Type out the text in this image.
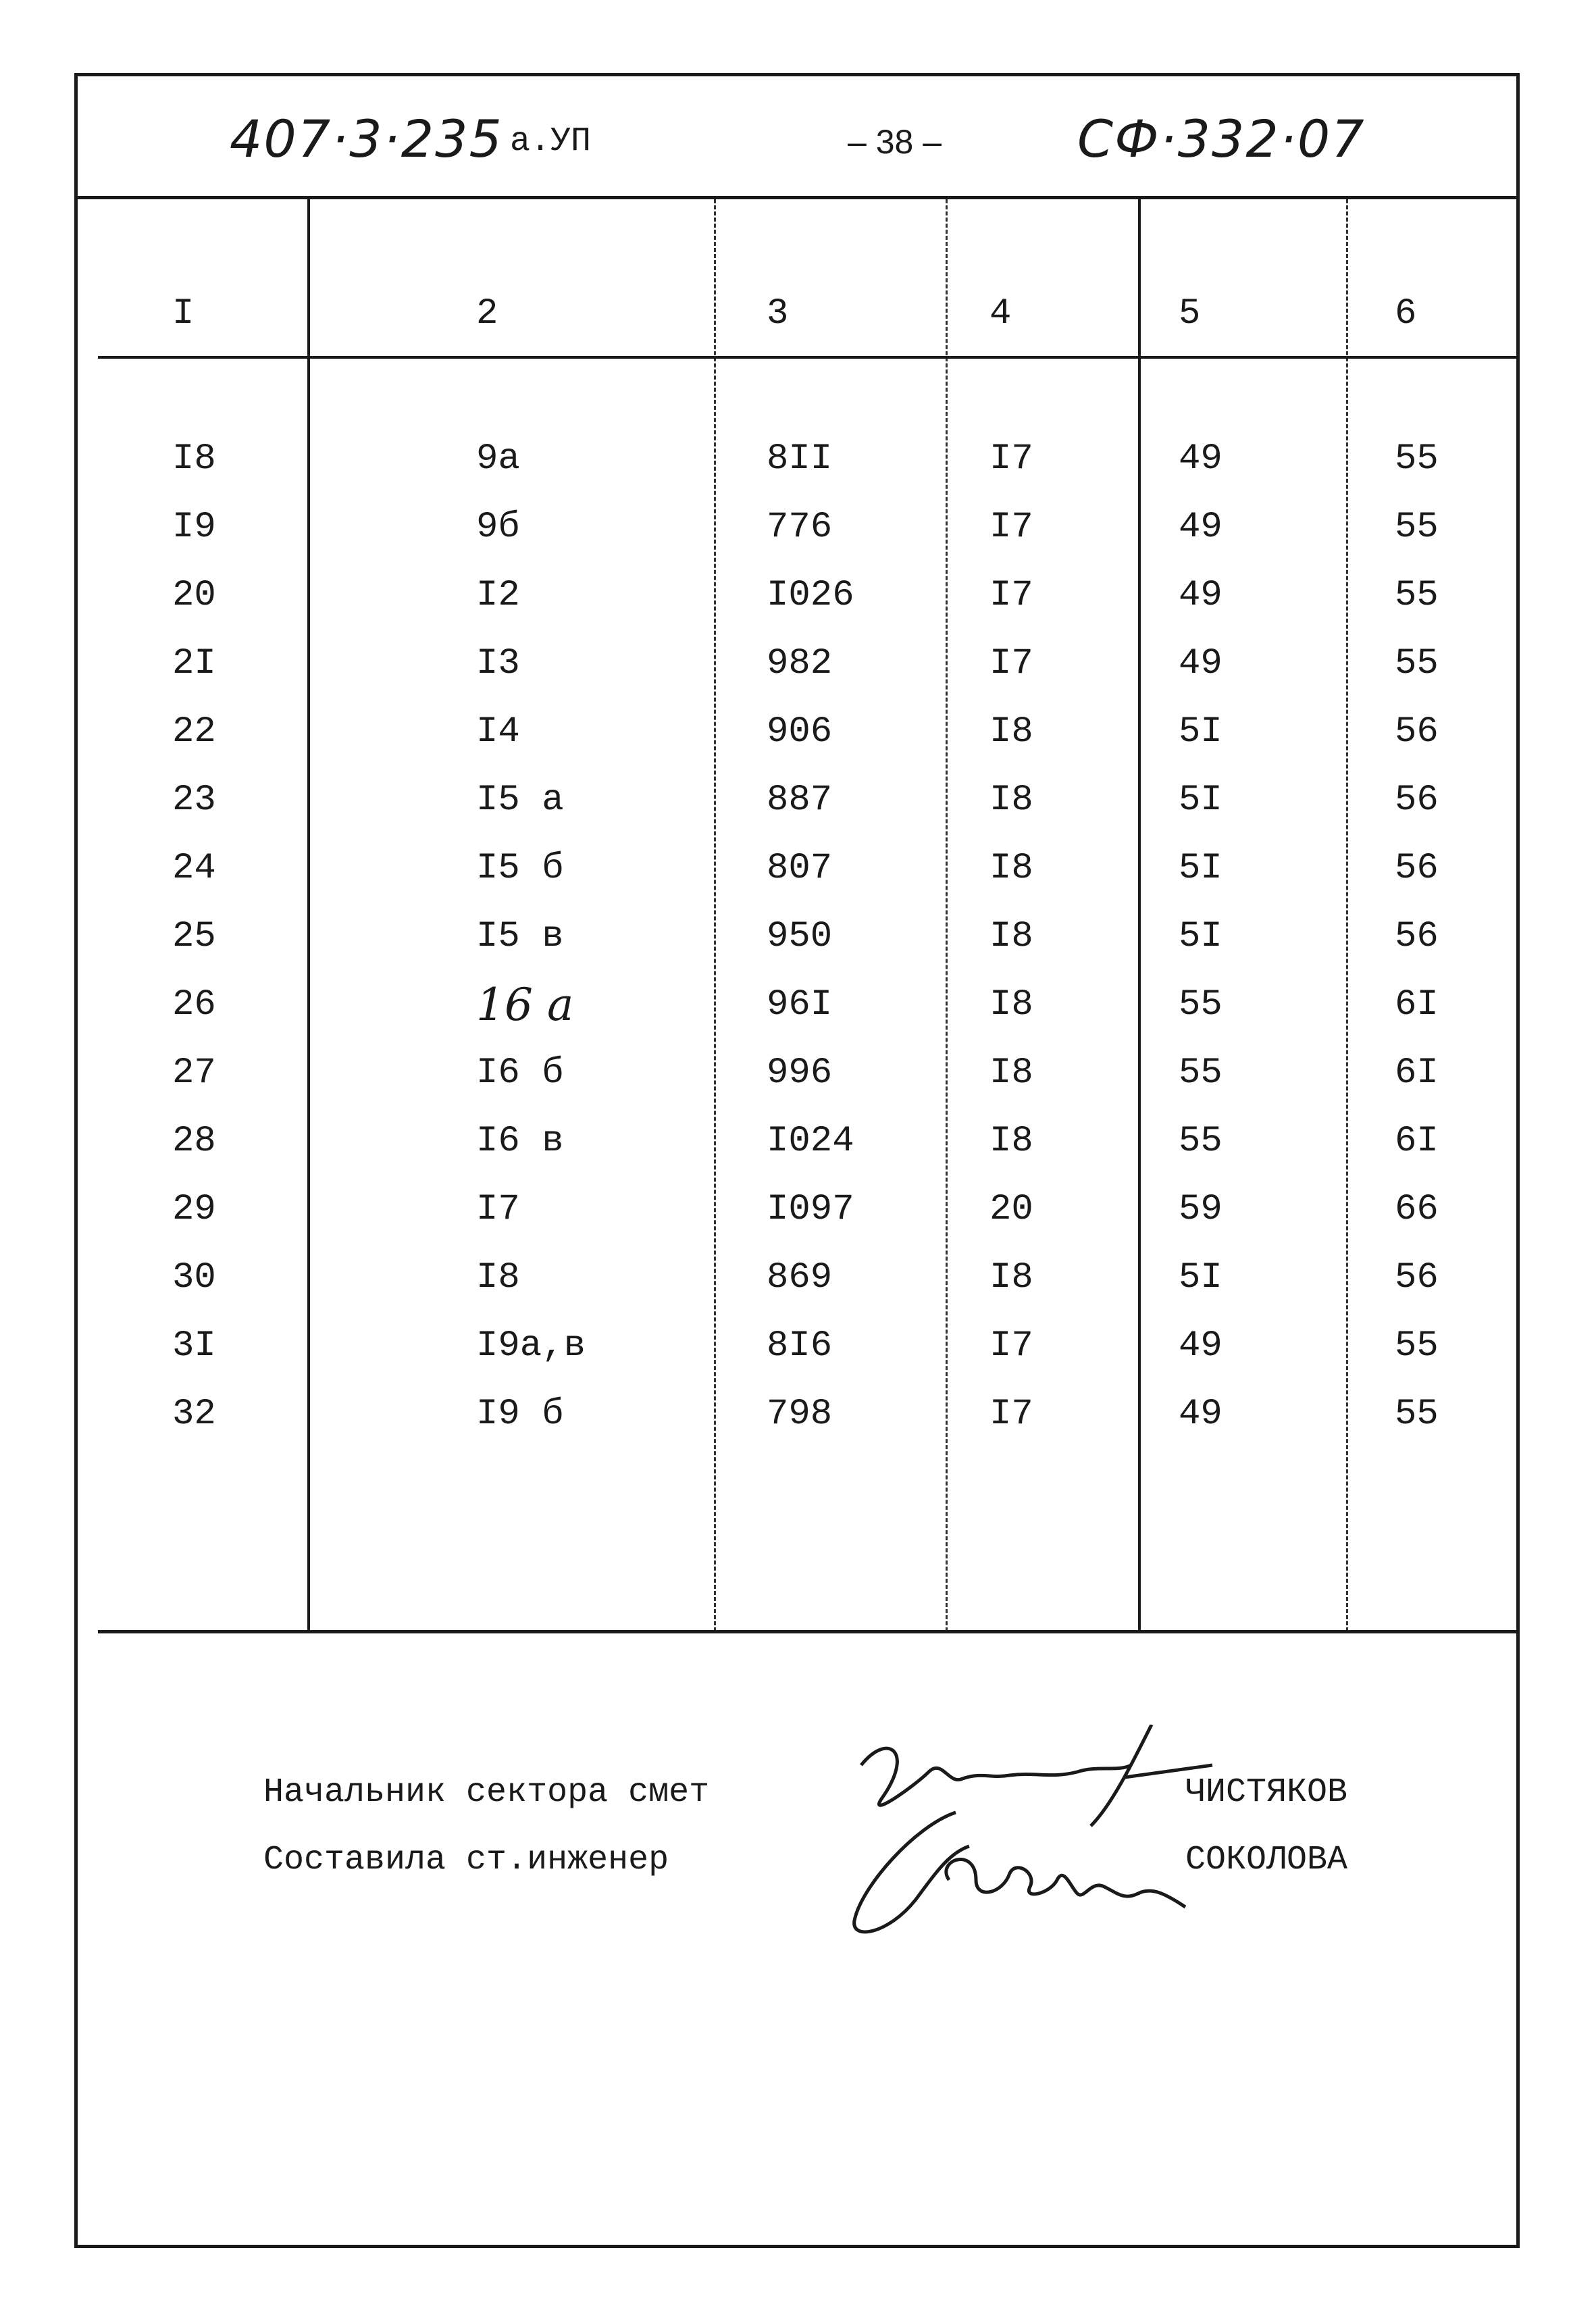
407·3·235 а.УП	– 38 –	СФ·332·07
I	2	3	4	5	6
I8	9а	8II	I7	49	55
I9	9б	776	I7	49	55
20	I2	I026	I7	49	55
2I	I3	982	I7	49	55
22	I4	906	I8	5I	56
23	I5 а	887	I8	5I	56
24	I5 б	807	I8	5I	56
25	I5 в	950	I8	5I	56
26	16 а	96I	I8	55	6I
27	I6 б	996	I8	55	6I
28	I6 в	I024	I8	55	6I
29	I7	I097	20	59	66
30	I8	869	I8	5I	56
3I	I9а,в	8I6	I7	49	55
32	I9 б	798	I7	49	55
Начальник сектора смет
Составила ст.инженер
ЧИСТЯКОВ
СОКОЛОВА
